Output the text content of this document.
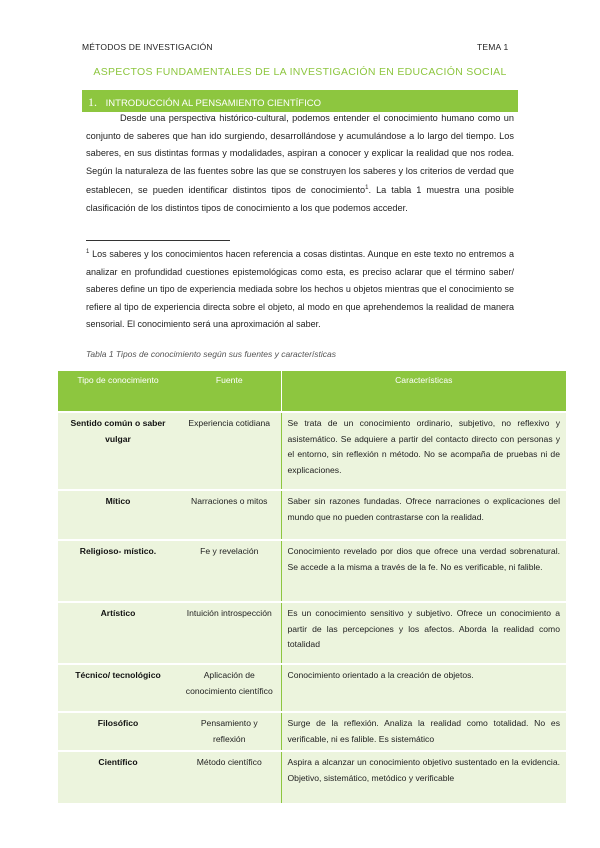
MÉTODOS DE INVESTIGACIÓN	TEMA 1
ASPECTOS FUNDAMENTALES DE LA INVESTIGACIÓN EN EDUCACIÓN SOCIAL
1. INTRODUCCIÓN AL PENSAMIENTO CIENTÍFICO

Desde una perspectiva histórico-cultural, podemos entender el conocimiento humano como un conjunto de saberes que han ido surgiendo, desarrollándose y acumulándose a lo largo del tiempo. Los saberes, en sus distintas formas y modalidades, aspiran a conocer y explicar la realidad que nos rodea. Según la naturaleza de las fuentes sobre las que se construyen los saberes y los criterios de verdad que establecen, se pueden identificar distintos tipos de conocimiento$^1$. La tabla 1 muestra una posible clasificación de los distintos tipos de conocimiento a los que podemos acceder.

$^1$ Los saberes y los conocimientos hacen referencia a cosas distintas. Aunque en este texto no entremos a analizar en profundidad cuestiones epistemológicas como esta, es preciso aclarar que el término saber/ saberes define un tipo de experiencia mediada sobre los hechos u objetos mientras que el conocimiento se refiere al tipo de experiencia directa sobre el objeto, al modo en que aprehendemos la realidad de manera sensorial. El conocimiento será una aproximación al saber.

Tabla 1 Tipos de conocimiento según sus fuentes y características
Tipo de conocimiento	Fuente	Características
Sentido común o saber vulgar	Experiencia cotidiana	Se trata de un conocimiento ordinario, subjetivo, no reflexivo y asistemático. Se adquiere a partir del contacto directo con personas y el entorno, sin reflexión n método. No se acompaña de pruebas ni de explicaciones.
Mítico	Narraciones o mitos	Saber sin razones fundadas. Ofrece narraciones o explicaciones del mundo que no pueden contrastarse con la realidad.
Religioso- místico.	Fe y revelación	Conocimiento revelado por dios que ofrece una verdad sobrenatural. Se accede a la misma a través de la fe. No es verificable, ni falible.
Artístico	Intuición introspección	Es un conocimiento sensitivo y subjetivo. Ofrece un conocimiento a partir de las percepciones y los afectos. Aborda la realidad como totalidad
Técnico/ tecnológico	Aplicación de conocimiento científico	Conocimiento orientado a la creación de objetos.
Filosófico	Pensamiento y reflexión	Surge de la reflexión. Analiza la realidad como totalidad. No es verificable, ni es falible. Es sistemático
Científico	Método científico	Aspira a alcanzar un conocimiento objetivo sustentado en la evidencia. Objetivo, sistemático, metódico y verificable
